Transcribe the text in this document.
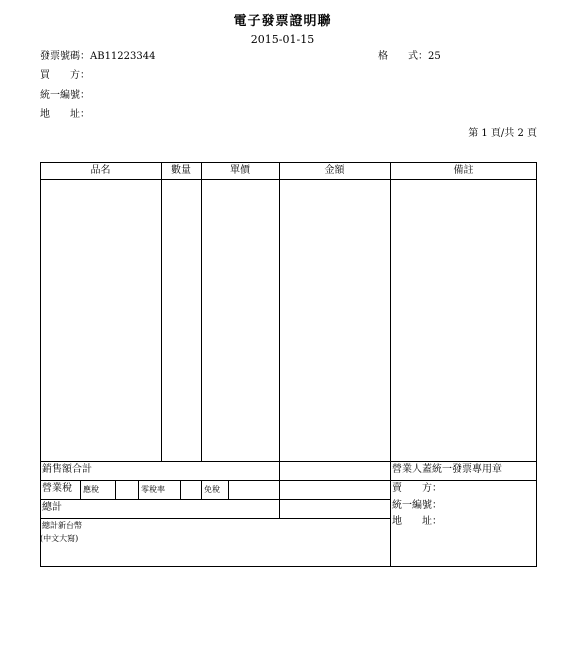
電子發票證明聯
2015-01-15
發票號碼：AB11223344	格　　式：25
買　　方：
統一編號：
地　　址：
第 1 頁/共 2 頁
品名	數量	單價	金額	備註
銷售額合計	營業人蓋統一發票專用章
營業稅 應稅	零稅率	免稅
總計
總計新台幣
(中文大寫)
賣　　方：
統一編號：
地　　址：
